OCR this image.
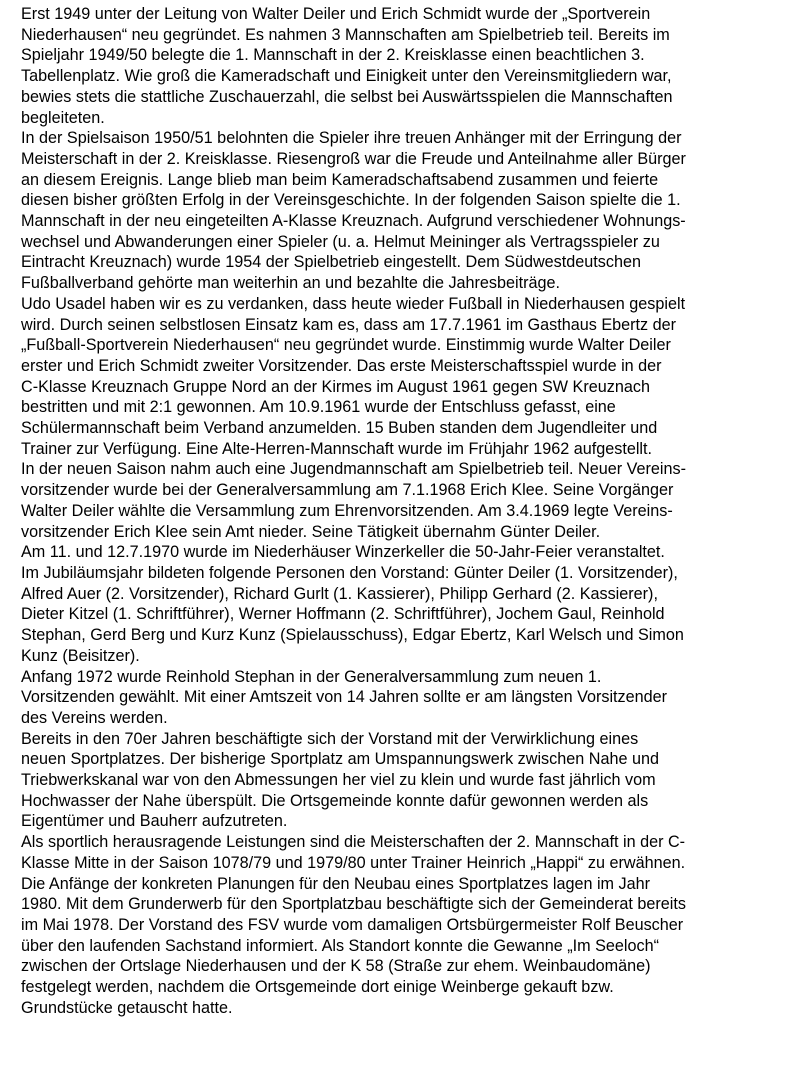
Erst 1949 unter der Leitung von Walter Deiler und Erich Schmidt wurde der „Sportverein
Niederhausen“ neu gegründet. Es nahmen 3 Mannschaften am Spielbetrieb teil. Bereits im
Spieljahr 1949/50 belegte die 1. Mannschaft in der 2. Kreisklasse einen beachtlichen 3.
Tabellenplatz. Wie groß die Kameradschaft und Einigkeit unter den Vereinsmitgliedern war,
bewies stets die stattliche Zuschauerzahl, die selbst bei Auswärtsspielen die Mannschaften
begleiteten.
In der Spielsaison 1950/51 belohnten die Spieler ihre treuen Anhänger mit der Erringung der
Meisterschaft in der 2. Kreisklasse. Riesengroß war die Freude und Anteilnahme aller Bürger
an diesem Ereignis. Lange blieb man beim Kameradschaftsabend zusammen und feierte
diesen bisher größten Erfolg in der Vereinsgeschichte. In der folgenden Saison spielte die 1.
Mannschaft in der neu eingeteilten A-Klasse Kreuznach. Aufgrund verschiedener Wohnungs-
wechsel und Abwanderungen einer Spieler (u. a. Helmut Meininger als Vertragsspieler zu
Eintracht Kreuznach) wurde 1954 der Spielbetrieb eingestellt. Dem Südwestdeutschen
Fußballverband gehörte man weiterhin an und bezahlte die Jahresbeiträge.
Udo Usadel haben wir es zu verdanken, dass heute wieder Fußball in Niederhausen gespielt
wird. Durch seinen selbstlosen Einsatz kam es, dass am 17.7.1961 im Gasthaus Ebertz der
„Fußball-Sportverein Niederhausen“ neu gegründet wurde. Einstimmig wurde Walter Deiler
erster und Erich Schmidt zweiter Vorsitzender. Das erste Meisterschaftsspiel wurde in der
C-Klasse Kreuznach Gruppe Nord an der Kirmes im August 1961 gegen SW Kreuznach
bestritten und mit 2:1 gewonnen. Am 10.9.1961 wurde der Entschluss gefasst, eine
Schülermannschaft beim Verband anzumelden. 15 Buben standen dem Jugendleiter und
Trainer zur Verfügung. Eine Alte-Herren-Mannschaft wurde im Frühjahr 1962 aufgestellt.
In der neuen Saison nahm auch eine Jugendmannschaft am Spielbetrieb teil. Neuer Vereins-
vorsitzender wurde bei der Generalversammlung am 7.1.1968 Erich Klee. Seine Vorgänger
Walter Deiler wählte die Versammlung zum Ehrenvorsitzenden. Am 3.4.1969 legte Vereins-
vorsitzender Erich Klee sein Amt nieder. Seine Tätigkeit übernahm Günter Deiler.
Am 11. und 12.7.1970 wurde im Niederhäuser Winzerkeller die 50-Jahr-Feier veranstaltet.
Im Jubiläumsjahr bildeten folgende Personen den Vorstand: Günter Deiler (1. Vorsitzender),
Alfred Auer (2. Vorsitzender), Richard Gurlt (1. Kassierer), Philipp Gerhard (2. Kassierer),
Dieter Kitzel (1. Schriftführer), Werner Hoffmann (2. Schriftführer), Jochem Gaul, Reinhold
Stephan, Gerd Berg und Kurz Kunz (Spielausschuss), Edgar Ebertz, Karl Welsch und Simon
Kunz (Beisitzer).
Anfang 1972 wurde Reinhold Stephan in der Generalversammlung zum neuen 1.
Vorsitzenden gewählt. Mit einer Amtszeit von 14 Jahren sollte er am längsten Vorsitzender
des Vereins werden.
Bereits in den 70er Jahren beschäftigte sich der Vorstand mit der Verwirklichung eines
neuen Sportplatzes. Der bisherige Sportplatz am Umspannungswerk zwischen Nahe und
Triebwerkskanal war von den Abmessungen her viel zu klein und wurde fast jährlich vom
Hochwasser der Nahe überspült. Die Ortsgemeinde konnte dafür gewonnen werden als
Eigentümer und Bauherr aufzutreten.
Als sportlich herausragende Leistungen sind die Meisterschaften der 2. Mannschaft in der C-
Klasse Mitte in der Saison 1078/79 und 1979/80 unter Trainer Heinrich „Happi“ zu erwähnen.
Die Anfänge der konkreten Planungen für den Neubau eines Sportplatzes lagen im Jahr
1980. Mit dem Grunderwerb für den Sportplatzbau beschäftigte sich der Gemeinderat bereits
im Mai 1978. Der Vorstand des FSV wurde vom damaligen Ortsbürgermeister Rolf Beuscher
über den laufenden Sachstand informiert. Als Standort konnte die Gewanne „Im Seeloch“
zwischen der Ortslage Niederhausen und der K 58 (Straße zur ehem. Weinbaudomäne)
festgelegt werden, nachdem die Ortsgemeinde dort einige Weinberge gekauft bzw.
Grundstücke getauscht hatte.
